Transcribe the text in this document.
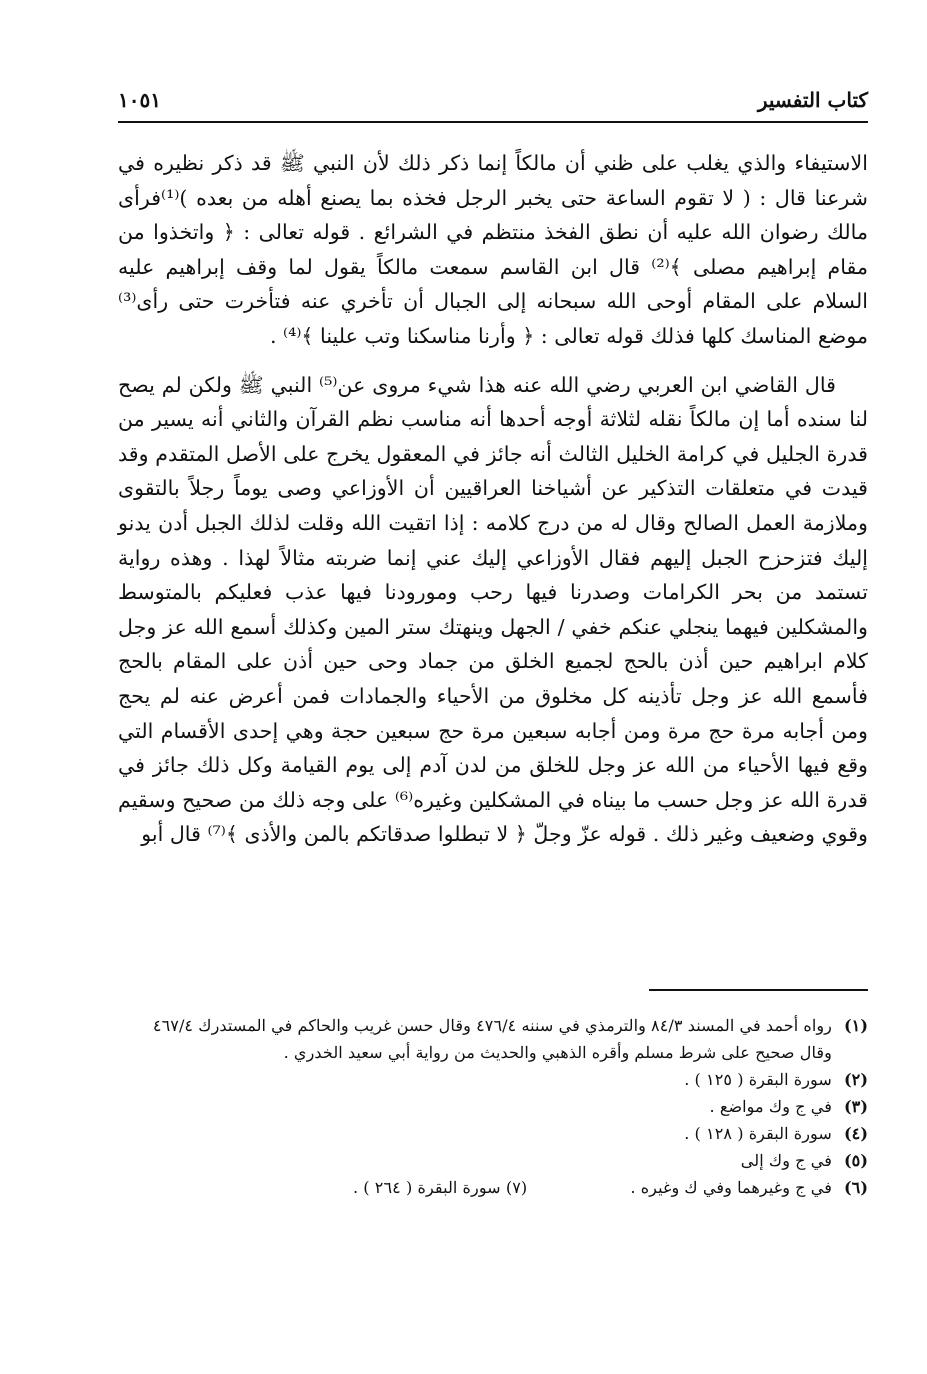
١٠٥١	كتاب التفسير

الاستيفاء والذي يغلب على ظني أن مالكاً إنما ذكر ذلك لأن النبي ﷺ قد ذكر نظيره في شرعنا قال : ( لا تقوم الساعة حتى يخبر الرجل فخذه بما يصنع أهله من بعده )⁽¹⁾فرأى مالك رضوان الله عليه أن نطق الفخذ منتظم في الشرائع . قوله تعالى : ﴿ واتخذوا من مقام إبراهيم مصلى ﴾⁽²⁾ قال ابن القاسم سمعت مالكاً يقول لما وقف إبراهيم عليه السلام على المقام أوحى الله سبحانه إلى الجبال أن تأخري عنه فتأخرت حتى رأى⁽³⁾ موضع المناسك كلها فذلك قوله تعالى : ﴿ وأرنا مناسكنا وتب علينا ﴾⁽⁴⁾ .

قال القاضي ابن العربي رضي الله عنه هذا شيء مروى عن⁽⁵⁾ النبي ﷺ ولكن لم يصح لنا سنده أما إن مالكاً نقله لثلاثة أوجه أحدها أنه مناسب نظم القرآن والثاني أنه يسير من قدرة الجليل في كرامة الخليل الثالث أنه جائز في المعقول يخرج على الأصل المتقدم وقد قيدت في متعلقات التذكير عن أشياخنا العراقيين أن الأوزاعي وصى يوماً رجلاً بالتقوى وملازمة العمل الصالح وقال له من درج كلامه : إذا اتقيت الله وقلت لذلك الجبل أدن يدنو إليك فتزحزح الجبل إليهم فقال الأوزاعي إليك عني إنما ضربته مثالاً لهذا . وهذه رواية تستمد من بحر الكرامات وصدرنا فيها رحب ومورودنا فيها عذب فعليكم بالمتوسط والمشكلين فيهما ينجلي عنكم خفي / الجهل وينهتك ستر المين وكذلك أسمع الله عز وجل كلام ابراهيم حين أذن بالحج لجميع الخلق من جماد وحى حين أذن على المقام بالحج فأسمع الله عز وجل تأذينه كل مخلوق من الأحياء والجمادات فمن أعرض عنه لم يحج ومن أجابه مرة حج مرة ومن أجابه سبعين مرة حج سبعين حجة وهي إحدى الأقسام التي وقع فيها الأحياء من الله عز وجل للخلق من لدن آدم إلى يوم القيامة وكل ذلك جائز في قدرة الله عز وجل حسب ما بيناه في المشكلين وغيره⁽⁶⁾ على وجه ذلك من صحيح وسقيم وقوي وضعيف وغير ذلك . قوله عزّ وجلّ ﴿ لا تبطلوا صدقاتكم بالمن والأذى ﴾⁽⁷⁾ قال أبو

(١)
رواه أحمد في المسند ٨٤/٣ والترمذي في سننه ٤٧٦/٤ وقال حسن غريب والحاكم في المستدرك ٤٦٧/٤
وقال صحيح على شرط مسلم وأقره الذهبي والحديث من رواية أبي سعيد الخدري .
(٢)
سورة البقرة ( ١٢٥ ) .
(٣)
في ج وك مواضع .
(٤)
سورة البقرة ( ١٢٨ ) .
(٥)
في ج وك إلى
(٦)
في ج وغيرهما وفي ك وغيره .
(٧) سورة البقرة ( ٢٦٤ ) .
